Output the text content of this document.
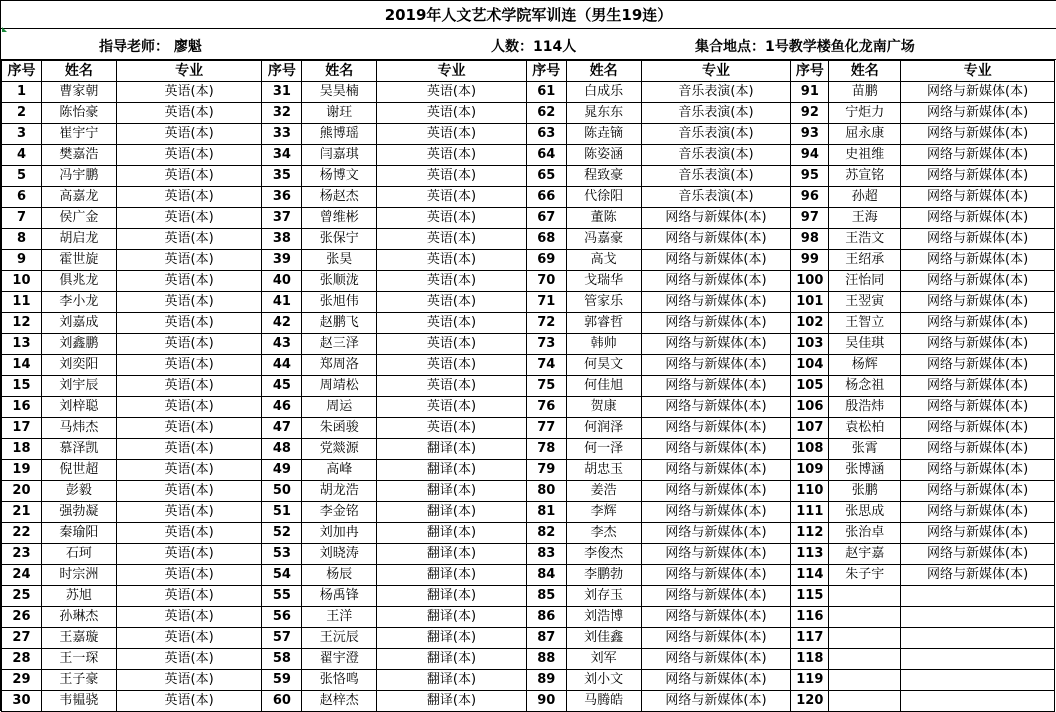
2019年人文艺术学院军训连（男生19连）
指导老师： 廖魁	人数：114人	集合地点：1号教学楼鱼化龙南广场
序号	姓名	专业	序号	姓名	专业	序号	姓名	专业	序号	姓名	专业
1	曹家朝	英语(本)	31	吴昊楠	英语(本)	61	白成乐	音乐表演(本)	91	苗鹏	网络与新媒体(本)
2	陈怡豪	英语(本)	32	谢玨	英语(本)	62	晁东东	音乐表演(本)	92	宁炬力	网络与新媒体(本)
3	崔宇宁	英语(本)	33	熊博瑶	英语(本)	63	陈垚镝	音乐表演(本)	93	屈永康	网络与新媒体(本)
4	樊嘉浩	英语(本)	34	闫嘉琪	英语(本)	64	陈姿涵	音乐表演(本)	94	史祖维	网络与新媒体(本)
5	冯宇鹏	英语(本)	35	杨博文	英语(本)	65	程致豪	音乐表演(本)	95	苏宣铭	网络与新媒体(本)
6	高嘉龙	英语(本)	36	杨赵杰	英语(本)	66	代徐阳	音乐表演(本)	96	孙超	网络与新媒体(本)
7	侯广金	英语(本)	37	曾维彬	英语(本)	67	董陈	网络与新媒体(本)	97	王海	网络与新媒体(本)
8	胡启龙	英语(本)	38	张保宁	英语(本)	68	冯嘉豪	网络与新媒体(本)	98	王浩文	网络与新媒体(本)
9	霍世旋	英语(本)	39	张昊	英语(本)	69	高戈	网络与新媒体(本)	99	王绍承	网络与新媒体(本)
10	俱兆龙	英语(本)	40	张顺泷	英语(本)	70	戈瑞华	网络与新媒体(本)	100	汪怡同	网络与新媒体(本)
11	李小龙	英语(本)	41	张旭伟	英语(本)	71	管家乐	网络与新媒体(本)	101	王翌寅	网络与新媒体(本)
12	刘嘉成	英语(本)	42	赵鹏飞	英语(本)	72	郭睿哲	网络与新媒体(本)	102	王智立	网络与新媒体(本)
13	刘鑫鹏	英语(本)	43	赵三泽	英语(本)	73	韩帅	网络与新媒体(本)	103	吴佳琪	网络与新媒体(本)
14	刘奕阳	英语(本)	44	郑周洛	英语(本)	74	何昊文	网络与新媒体(本)	104	杨辉	网络与新媒体(本)
15	刘宇辰	英语(本)	45	周靖松	英语(本)	75	何佳旭	网络与新媒体(本)	105	杨念祖	网络与新媒体(本)
16	刘梓聪	英语(本)	46	周运	英语(本)	76	贺康	网络与新媒体(本)	106	殷浩炜	网络与新媒体(本)
17	马炜杰	英语(本)	47	朱函骏	英语(本)	77	何润泽	网络与新媒体(本)	107	袁松柏	网络与新媒体(本)
18	慕泽凯	英语(本)	48	党燚源	翻译(本)	78	何一泽	网络与新媒体(本)	108	张霄	网络与新媒体(本)
19	倪世超	英语(本)	49	高峰	翻译(本)	79	胡忠玉	网络与新媒体(本)	109	张博涵	网络与新媒体(本)
20	彭毅	英语(本)	50	胡龙浩	翻译(本)	80	姜浩	网络与新媒体(本)	110	张鹏	网络与新媒体(本)
21	强勃凝	英语(本)	51	李金铭	翻译(本)	81	李辉	网络与新媒体(本)	111	张思成	网络与新媒体(本)
22	秦瑜阳	英语(本)	52	刘加冉	翻译(本)	82	李杰	网络与新媒体(本)	112	张治卓	网络与新媒体(本)
23	石珂	英语(本)	53	刘晓涛	翻译(本)	83	李俊杰	网络与新媒体(本)	113	赵宇嘉	网络与新媒体(本)
24	时宗洲	英语(本)	54	杨辰	翻译(本)	84	李鹏勃	网络与新媒体(本)	114	朱子宇	网络与新媒体(本)
25	苏旭	英语(本)	55	杨禹锋	翻译(本)	85	刘存玉	网络与新媒体(本)	115		
26	孙琳杰	英语(本)	56	王洋	翻译(本)	86	刘浩博	网络与新媒体(本)	116		
27	王嘉璇	英语(本)	57	王沅辰	翻译(本)	87	刘佳鑫	网络与新媒体(本)	117		
28	王一琛	英语(本)	58	翟宇澄	翻译(本)	88	刘军	网络与新媒体(本)	118		
29	王子豪	英语(本)	59	张恪鸣	翻译(本)	89	刘小文	网络与新媒体(本)	119		
30	韦韫骁	英语(本)	60	赵梓杰	翻译(本)	90	马腾皓	网络与新媒体(本)	120		
